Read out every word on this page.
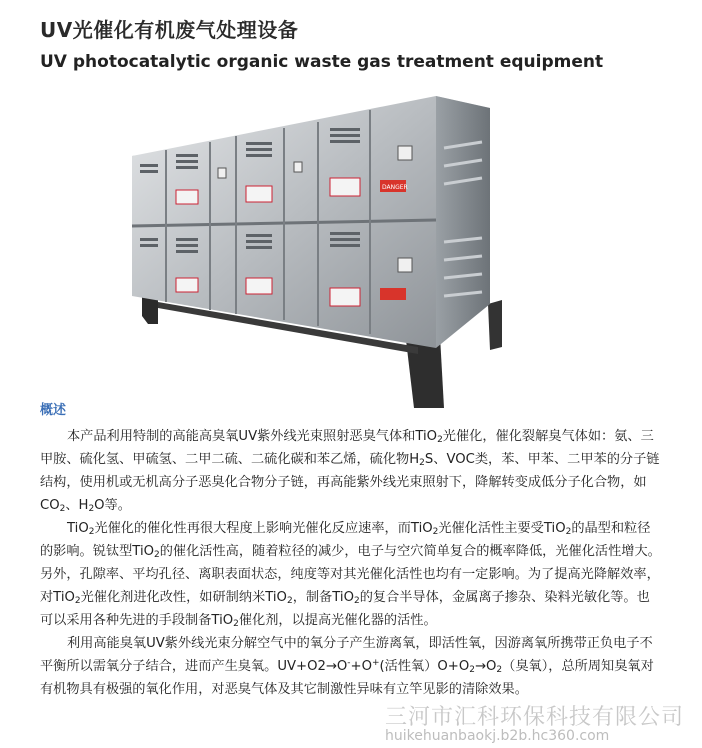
UV光催化有机废气处理设备
UV photocatalytic organic waste gas treatment equipment
DANGER
概述

本产品利用特制的高能高臭氧UV紫外线光束照射恶臭气体和TiO$_2$光催化，催化裂解臭气体如：氨、三甲胺、硫化氢、甲硫氢、二甲二硫、二硫化碳和苯乙烯，硫化物$H_2S$、VOC类，苯、甲苯、二甲苯的分子链结构，使用机或无机高分子恶臭化合物分子链，再高能紫外线光束照射下，降解转变成低分子化合物，如$CO_2$、$H_2O$等。

TiO$_2$光催化的催化性再很大程度上影响光催化反应速率，而TiO$_2$光催化活性主要受TiO$_2$的晶型和粒径的影响。锐钛型TiO$_2$的催化活性高，随着粒径的减少，电子与空穴简单复合的概率降低，光催化活性增大。另外，孔隙率、平均孔径、离职表面状态，纯度等对其光催化活性也均有一定影响。为了提高光降解效率，对TiO$_2$光催化剂进化改性，如研制纳米TiO$_2$，制备TiO$_2$的复合半导体，金属离子掺杂、染料光敏化等。也可以采用各种先进的手段制备TiO$_2$催化剂，以提高光催化器的活性。

利用高能臭氧UV紫外线光束分解空气中的氧分子产生游离氧，即活性氧，因游离氧所携带正负电子不平衡所以需氧分子结合，进而产生臭氧。UV+O2→O-+O+(活性氧）$O+O_2\to O_2$（臭氧），总所周知臭氧对有机物具有极强的氧化作用，对恶臭气体及其它制激性异味有立竿见影的清除效果。

三河市汇科环保科技有限公司
huikehuanbaokj.b2b.hc360.com
